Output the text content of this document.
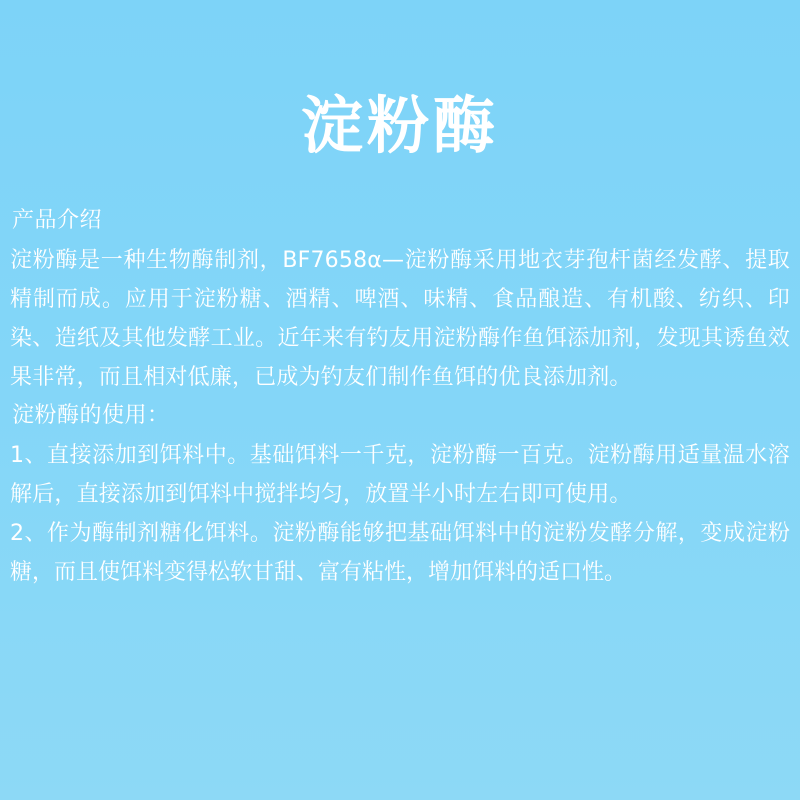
淀粉酶

产品介绍

淀粉酶是一种生物酶制剂，BF7658α—淀粉酶采用地衣芽孢杆菌经发酵、提取精制而成。应用于淀粉糖、酒精、啤酒、味精、食品酿造、有机酸、纺织、印染、造纸及其他发酵工业。近年来有钓友用淀粉酶作鱼饵添加剂，发现其诱鱼效果非常，而且相对低廉，已成为钓友们制作鱼饵的优良添加剂。

淀粉酶的使用：

1、直接添加到饵料中。基础饵料一千克，淀粉酶一百克。淀粉酶用适量温水溶解后，直接添加到饵料中搅拌均匀，放置半小时左右即可使用。

2、作为酶制剂糖化饵料。淀粉酶能够把基础饵料中的淀粉发酵分解，变成淀粉糖，而且使饵料变得松软甘甜、富有粘性，增加饵料的适口性。
